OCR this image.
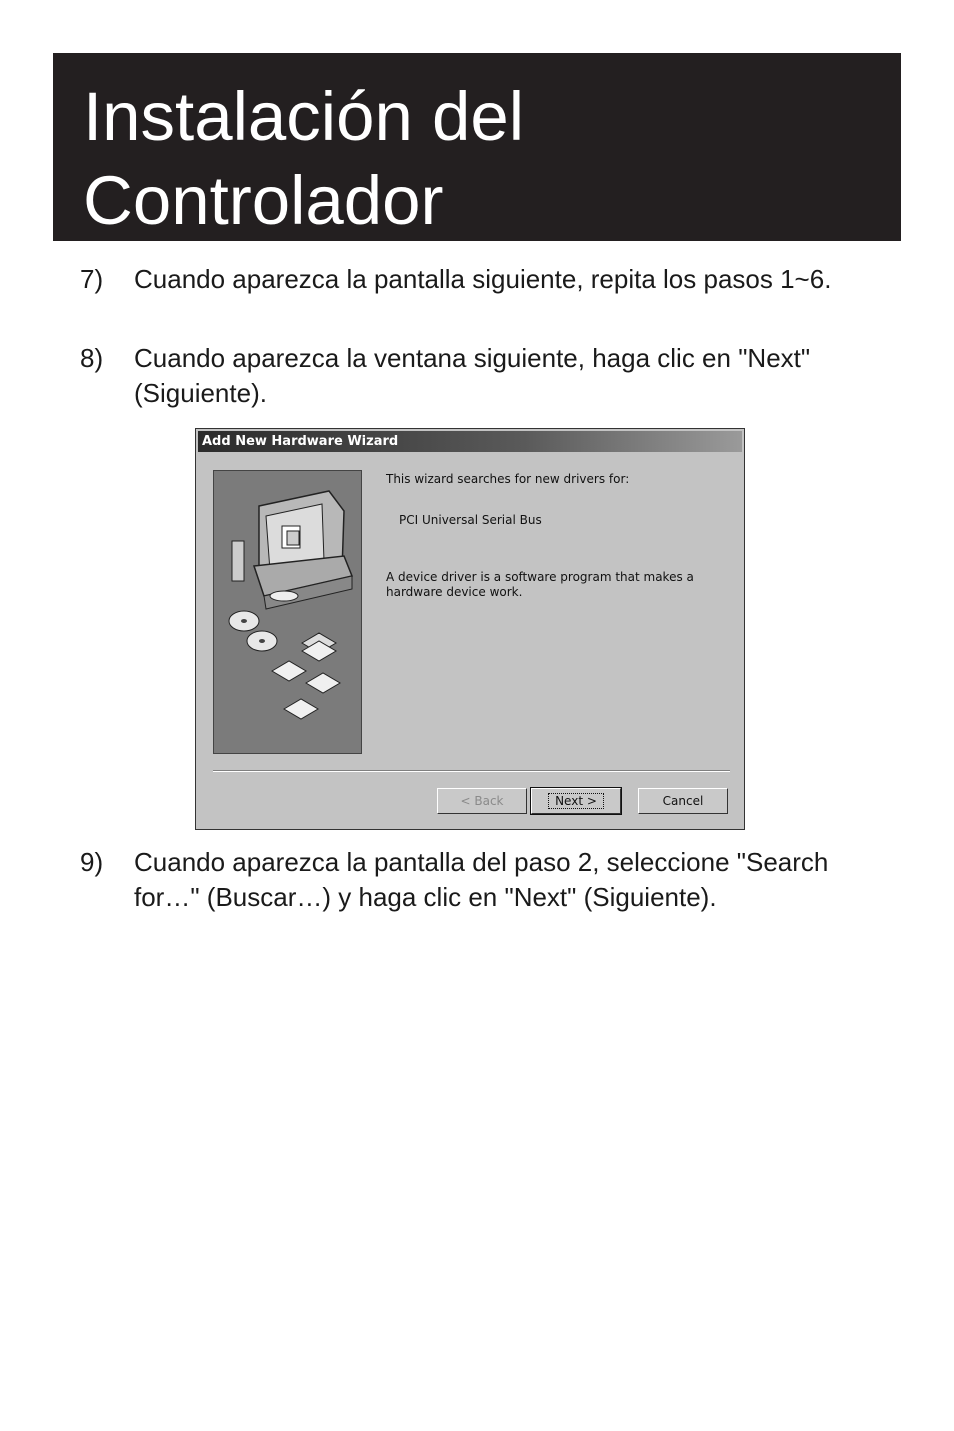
Instalación del
Controlador
7) Cuando aparezca la pantalla siguiente, repita los pasos 1~6.
8) Cuando aparezca la ventana siguiente, haga clic en "Next" (Siguiente).
Add New Hardware Wizard
This wizard searches for new drivers for:
PCI Universal Serial Bus
A device driver is a software program that makes a hardware device work.
< Back	Next >	Cancel
9) Cuando aparezca la pantalla del paso 2, seleccione "Search for…" (Buscar…) y haga clic en "Next" (Siguiente).
